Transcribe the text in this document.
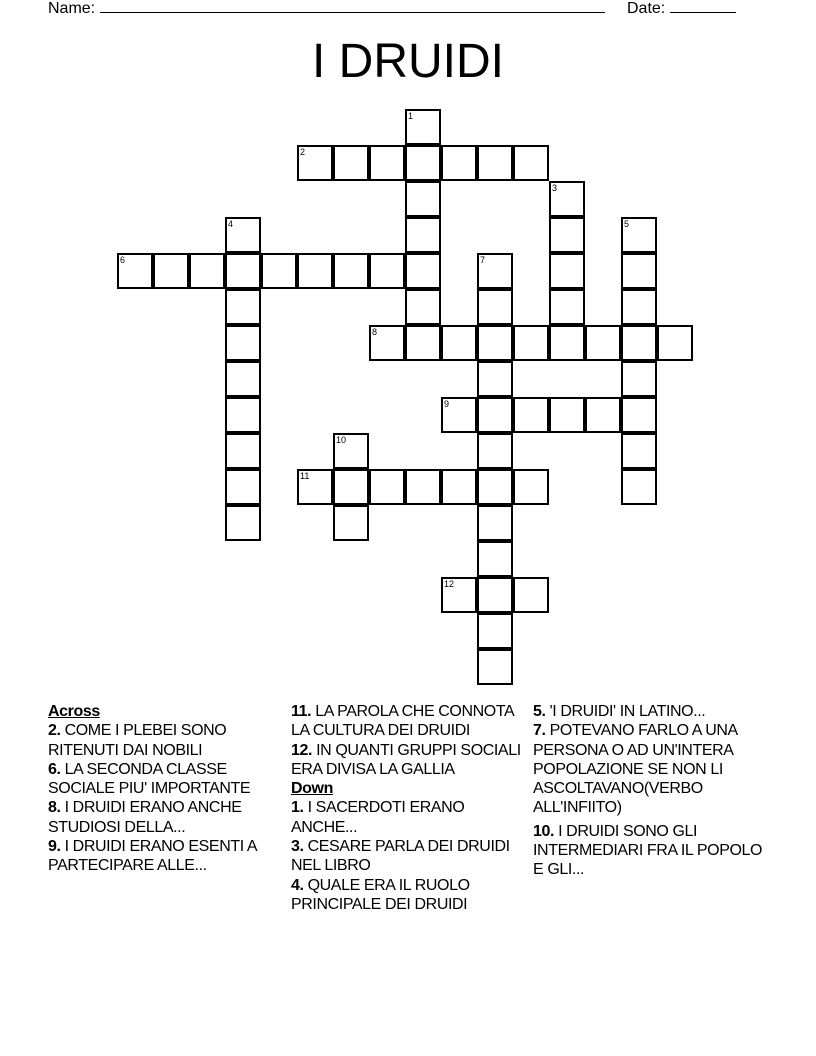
Name:	Date:
I DRUIDI
1
2
3
4	5
6	7
8
9
10
11
12
Across
2. COME I PLEBEI SONO RITENUTI DAI NOBILI
6. LA SECONDA CLASSE SOCIALE PIU' IMPORTANTE
8. I DRUIDI ERANO ANCHE STUDIOSI DELLA...
9. I DRUIDI ERANO ESENTI A PARTECIPARE ALLE...
11. LA PAROLA CHE CONNOTA LA CULTURA DEI DRUIDI
12. IN QUANTI GRUPPI SOCIALI ERA DIVISA LA GALLIA
Down
1. I SACERDOTI ERANO ANCHE...
3. CESARE PARLA DEI DRUIDI NEL LIBRO
4. QUALE ERA IL RUOLO PRINCIPALE DEI DRUIDI
5. 'I DRUIDI' IN LATINO...
7. POTEVANO FARLO A UNA PERSONA O AD UN'INTERA POPOLAZIONE SE NON LI ASCOLTAVANO(VERBO ALL'INFIITO)
10. I DRUIDI SONO GLI INTERMEDIARI FRA IL POPOLO E GLI...
